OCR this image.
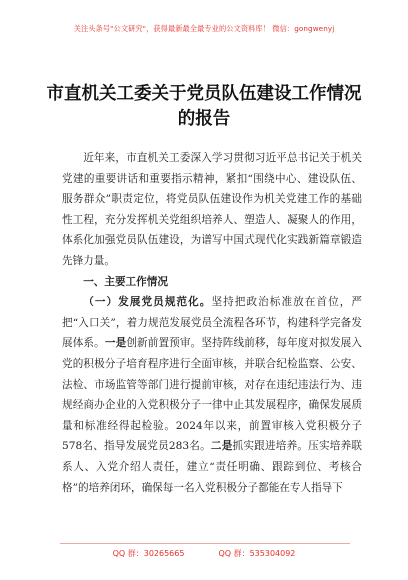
关注头条号"公文研究"，获得最新最全最专业的公文资料库！ 微信：gongwenyj
市直机关工委关于党员队伍建设工作情况
的报告

近年来，市直机关工委深入学习贯彻习近平总书记关于机关党建的重要讲话和重要指示精神，紧扣“围绕中心、建设队伍、服务群众”职责定位，将党员队伍建设作为机关党建工作的基础性工程，充分发挥机关党组织培养人、塑造人、凝聚人的作用，体系化加强党员队伍建设，为谱写中国式现代化实践新篇章锻造先锋力量。

一、主要工作情况

（一）发展党员规范化。坚持把政治标准放在首位，严把“入口关”，着力规范发展党员全流程各环节，构建科学完备发展体系。一是创新前置预审。坚持阵线前移，每年度对拟发展入党的积极分子培育程序进行全面审核，并联合纪检监察、公安、法检、市场监管等部门进行提前审核，对存在违纪违法行为、违规经商办企业的入党积极分子一律中止其发展程序，确保发展质量和标准经得起检验。2024年以来，前置审核入党积极分子578名、指导发展党员283名。二是抓实跟进培养。压实培养联系人、入党介绍人责任，建立“责任明确、跟踪到位、考核合格”的培养闭环，确保每一名入党积极分子都能在专人指导下

QQ 群：30265665	QQ 群：535304092
